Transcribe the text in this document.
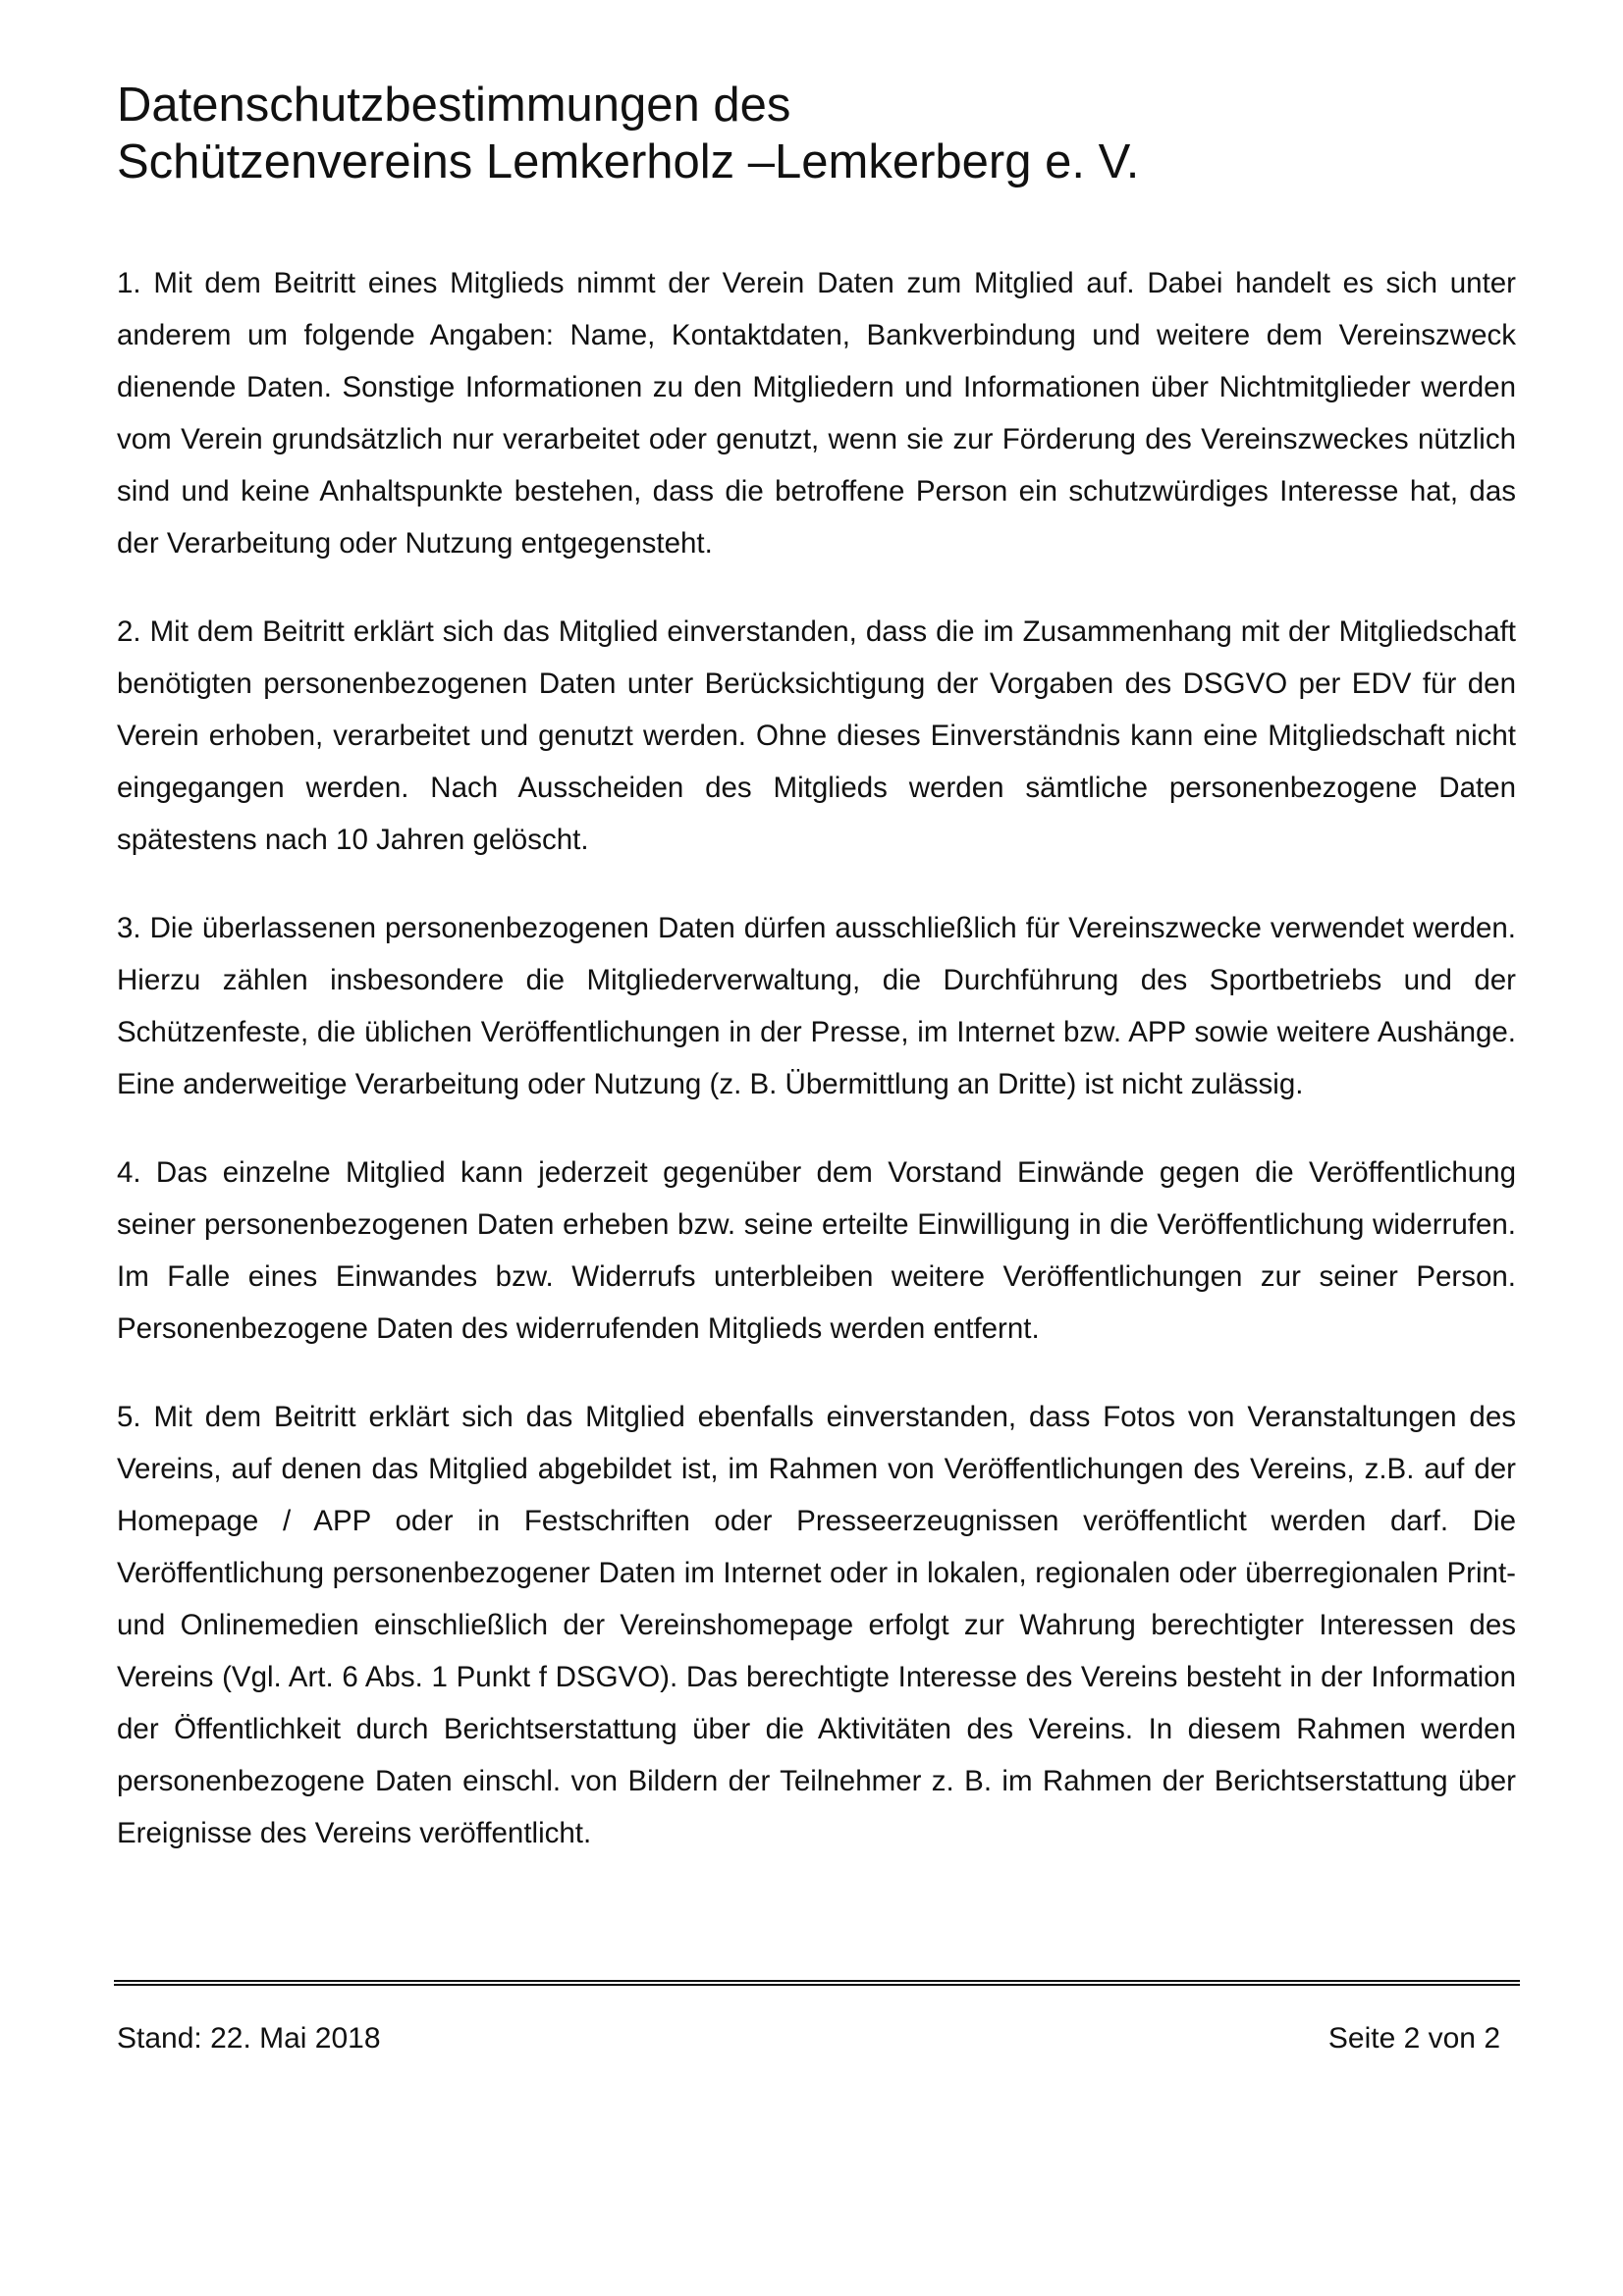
Datenschutzbestimmungen des
Schützenvereins Lemkerholz –Lemkerberg e. V.

1. Mit dem Beitritt eines Mitglieds nimmt der Verein Daten zum Mitglied auf. Dabei handelt es sich unter anderem um folgende Angaben: Name, Kontaktdaten, Bankverbindung und weitere dem Vereinszweck dienende Daten. Sonstige Informationen zu den Mitgliedern und Informationen über Nichtmitglieder werden vom Verein grundsätzlich nur verarbeitet oder genutzt, wenn sie zur Förderung des Vereinszweckes nützlich sind und keine Anhaltspunkte bestehen, dass die betroffene Person ein schutzwürdiges Interesse hat, das der Verarbeitung oder Nutzung entgegensteht.

2. Mit dem Beitritt erklärt sich das Mitglied einverstanden, dass die im Zusammenhang mit der Mitgliedschaft benötigten personenbezogenen Daten unter Berücksichtigung der Vorgaben des DSGVO per EDV für den Verein erhoben, verarbeitet und genutzt werden. Ohne dieses Einverständnis kann eine Mitgliedschaft nicht eingegangen werden. Nach Ausscheiden des Mitglieds werden sämtliche personenbezogene Daten spätestens nach 10 Jahren gelöscht.

3. Die überlassenen personenbezogenen Daten dürfen ausschließlich für Vereinszwecke verwendet werden. Hierzu zählen insbesondere die Mitgliederverwaltung, die Durchführung des Sportbetriebs und der Schützenfeste, die üblichen Veröffentlichungen in der Presse, im Internet bzw. APP sowie weitere Aushänge. Eine anderweitige Verarbeitung oder Nutzung (z. B. Übermittlung an Dritte) ist nicht zulässig.

4. Das einzelne Mitglied kann jederzeit gegenüber dem Vorstand Einwände gegen die Veröffentlichung seiner personenbezogenen Daten erheben bzw. seine erteilte Einwilligung in die Veröffentlichung widerrufen. Im Falle eines Einwandes bzw. Widerrufs unterbleiben weitere Veröffentlichungen zur seiner Person. Personenbezogene Daten des widerrufenden Mitglieds werden entfernt.

5. Mit dem Beitritt erklärt sich das Mitglied ebenfalls einverstanden, dass Fotos von Veranstaltungen des Vereins, auf denen das Mitglied abgebildet ist, im Rahmen von Veröffentlichungen des Vereins, z.B. auf der Homepage / APP oder in Festschriften oder Presseerzeugnissen veröffentlicht werden darf. Die Veröffentlichung personenbezogener Daten im Internet oder in lokalen, regionalen oder überregionalen Print- und Onlinemedien einschließlich der Vereinshomepage erfolgt zur Wahrung berechtigter Interessen des Vereins (Vgl. Art. 6 Abs. 1 Punkt f DSGVO). Das berechtigte Interesse des Vereins besteht in der Information der Öffentlichkeit durch Berichtserstattung über die Aktivitäten des Vereins. In diesem Rahmen werden personenbezogene Daten einschl. von Bildern der Teilnehmer z. B. im Rahmen der Berichtserstattung über Ereignisse des Vereins veröffentlicht.

Stand: 22. Mai 2018	Seite 2 von 2
